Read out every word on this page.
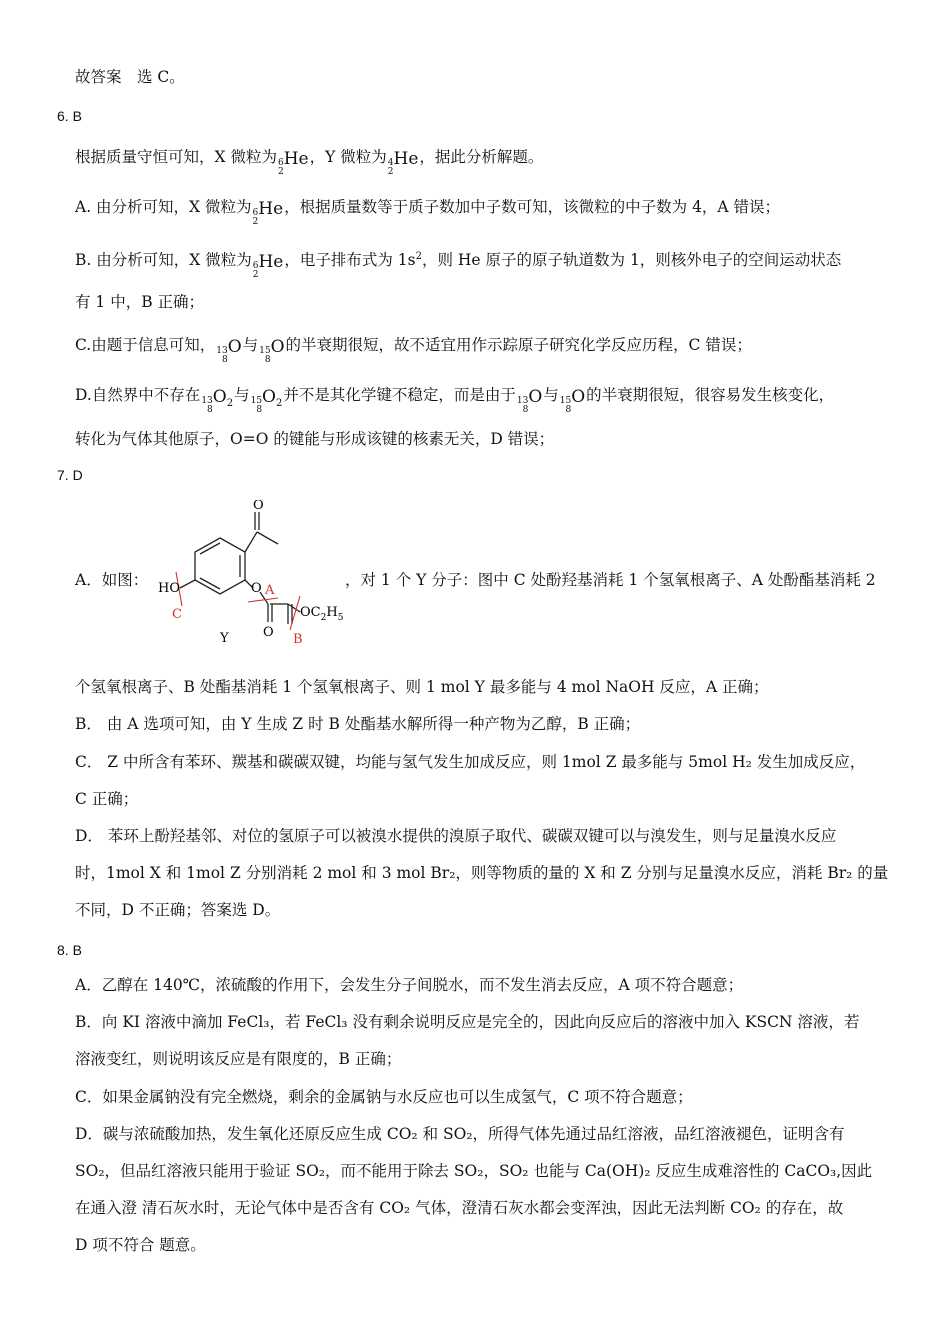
故答案　选 C。
6. B
根据质量守恒可知，X 微粒为 6
2
He，Y 微粒为 4
2
He，据此分析解题。
A. 由分析可知，X 微粒为 6
2
He，根据质量数等于质子数加中子数可知，该微粒的中子数为 4，A 错误；
B. 由分析可知，X 微粒为 6
2
He，电子排布式为 $1s^2$，则 He 原子的原子轨道数为 1，则核外电子的空间运动状态
有 1 中，B 正确；
C.由题于信息可知， 13
8
O与 15
8
O的半衰期很短，故不适宜用作示踪原子研究化学反应历程，C 错误；
D.自然界中不存在 13
8
$O_2$与 15
8
$O_2$并不是其化学键不稳定，而是由于 13
8
O与 15
8
O的半衰期很短，很容易发生核变化，
转化为气体其他原子，O=O 的键能与形成该键的核素无关，D 错误；
7. D
O
HO	O A
C
B
$OC_2H_5$
O
Y
A．如图：	，对 1 个 Y 分子：图中 C 处酚羟基消耗 1 个氢氧根离子、A 处酚酯基消耗 2
个氢氧根离子、B 处酯基消耗 1 个氢氧根离子、则 1 mol Y 最多能与 4 mol NaOH 反应，A 正确；
B． 由 A 选项可知，由 Y 生成 Z 时 B 处酯基水解所得一种产物为乙醇，B 正确；
C． Z 中所含有苯环、羰基和碳碳双键，均能与氢气发生加成反应，则 1mol Z 最多能与 5mol H₂ 发生加成反应，
C 正确；
D． 苯环上酚羟基邻、对位的氢原子可以被溴水提供的溴原子取代、碳碳双键可以与溴发生，则与足量溴水反应
时，1mol X 和 1mol Z 分别消耗 2 mol 和 3 mol Br₂，则等物质的量的 X 和 Z 分别与足量溴水反应，消耗 Br₂ 的量
不同，D 不正确；答案选 D。
8. B
A．乙醇在 140℃，浓硫酸的作用下，会发生分子间脱水，而不发生消去反应，A 项不符合题意；
B．向 KI 溶液中滴加 FeCl₃，若 FeCl₃ 没有剩余说明反应是完全的，因此向反应后的溶液中加入 KSCN 溶液，若
溶液变红，则说明该反应是有限度的，B 正确；
C．如果金属钠没有完全燃烧，剩余的金属钠与水反应也可以生成氢气，C 项不符合题意；
D．碳与浓硫酸加热，发生氧化还原反应生成 CO₂ 和 SO₂，所得气体先通过品红溶液，品红溶液褪色，证明含有
SO₂，但品红溶液只能用于验证 SO₂，而不能用于除去 SO₂，SO₂ 也能与 Ca(OH)₂ 反应生成难溶性的 CaCO₃,因此
在通入澄 清石灰水时，无论气体中是否含有 CO₂ 气体，澄清石灰水都会变浑浊，因此无法判断 CO₂ 的存在，故
D 项不符合 题意。
